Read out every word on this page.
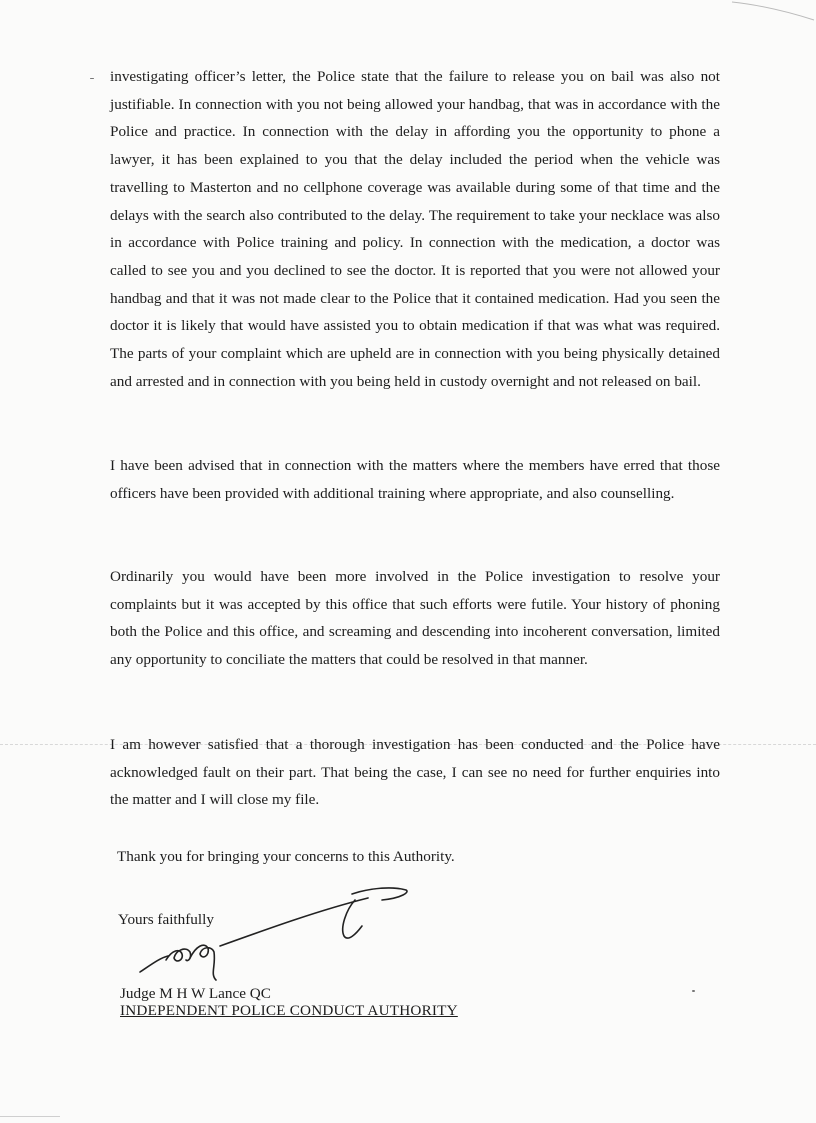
investigating officer’s letter, the Police state that the failure to release you on bail was also not justifiable. In connection with you not being allowed your handbag, that was in accordance with the Police and practice. In connection with the delay in affording you the opportunity to phone a lawyer, it has been explained to you that the delay included the period when the vehicle was travelling to Masterton and no cellphone coverage was available during some of that time and the delays with the search also contributed to the delay. The requirement to take your necklace was also in accordance with Police training and policy. In connection with the medication, a doctor was called to see you and you declined to see the doctor. It is reported that you were not allowed your handbag and that it was not made clear to the Police that it contained medication. Had you seen the doctor it is likely that would have assisted you to obtain medication if that was what was required. The parts of your complaint which are upheld are in connection with you being physically detained and arrested and in connection with you being held in custody overnight and not released on bail.
I have been advised that in connection with the matters where the members have erred that those officers have been provided with additional training where appropriate, and also counselling.
Ordinarily you would have been more involved in the Police investigation to resolve your complaints but it was accepted by this office that such efforts were futile. Your history of phoning both the Police and this office, and screaming and descending into incoherent conversation, limited any opportunity to conciliate the matters that could be resolved in that manner.
I am however satisfied that a thorough investigation has been conducted and the Police have acknowledged fault on their part. That being the case, I can see no need for further enquiries into the matter and I will close my file.
Thank you for bringing your concerns to this Authority.
Yours faithfully
Judge M H W Lance QC
INDEPENDENT POLICE CONDUCT AUTHORITY
